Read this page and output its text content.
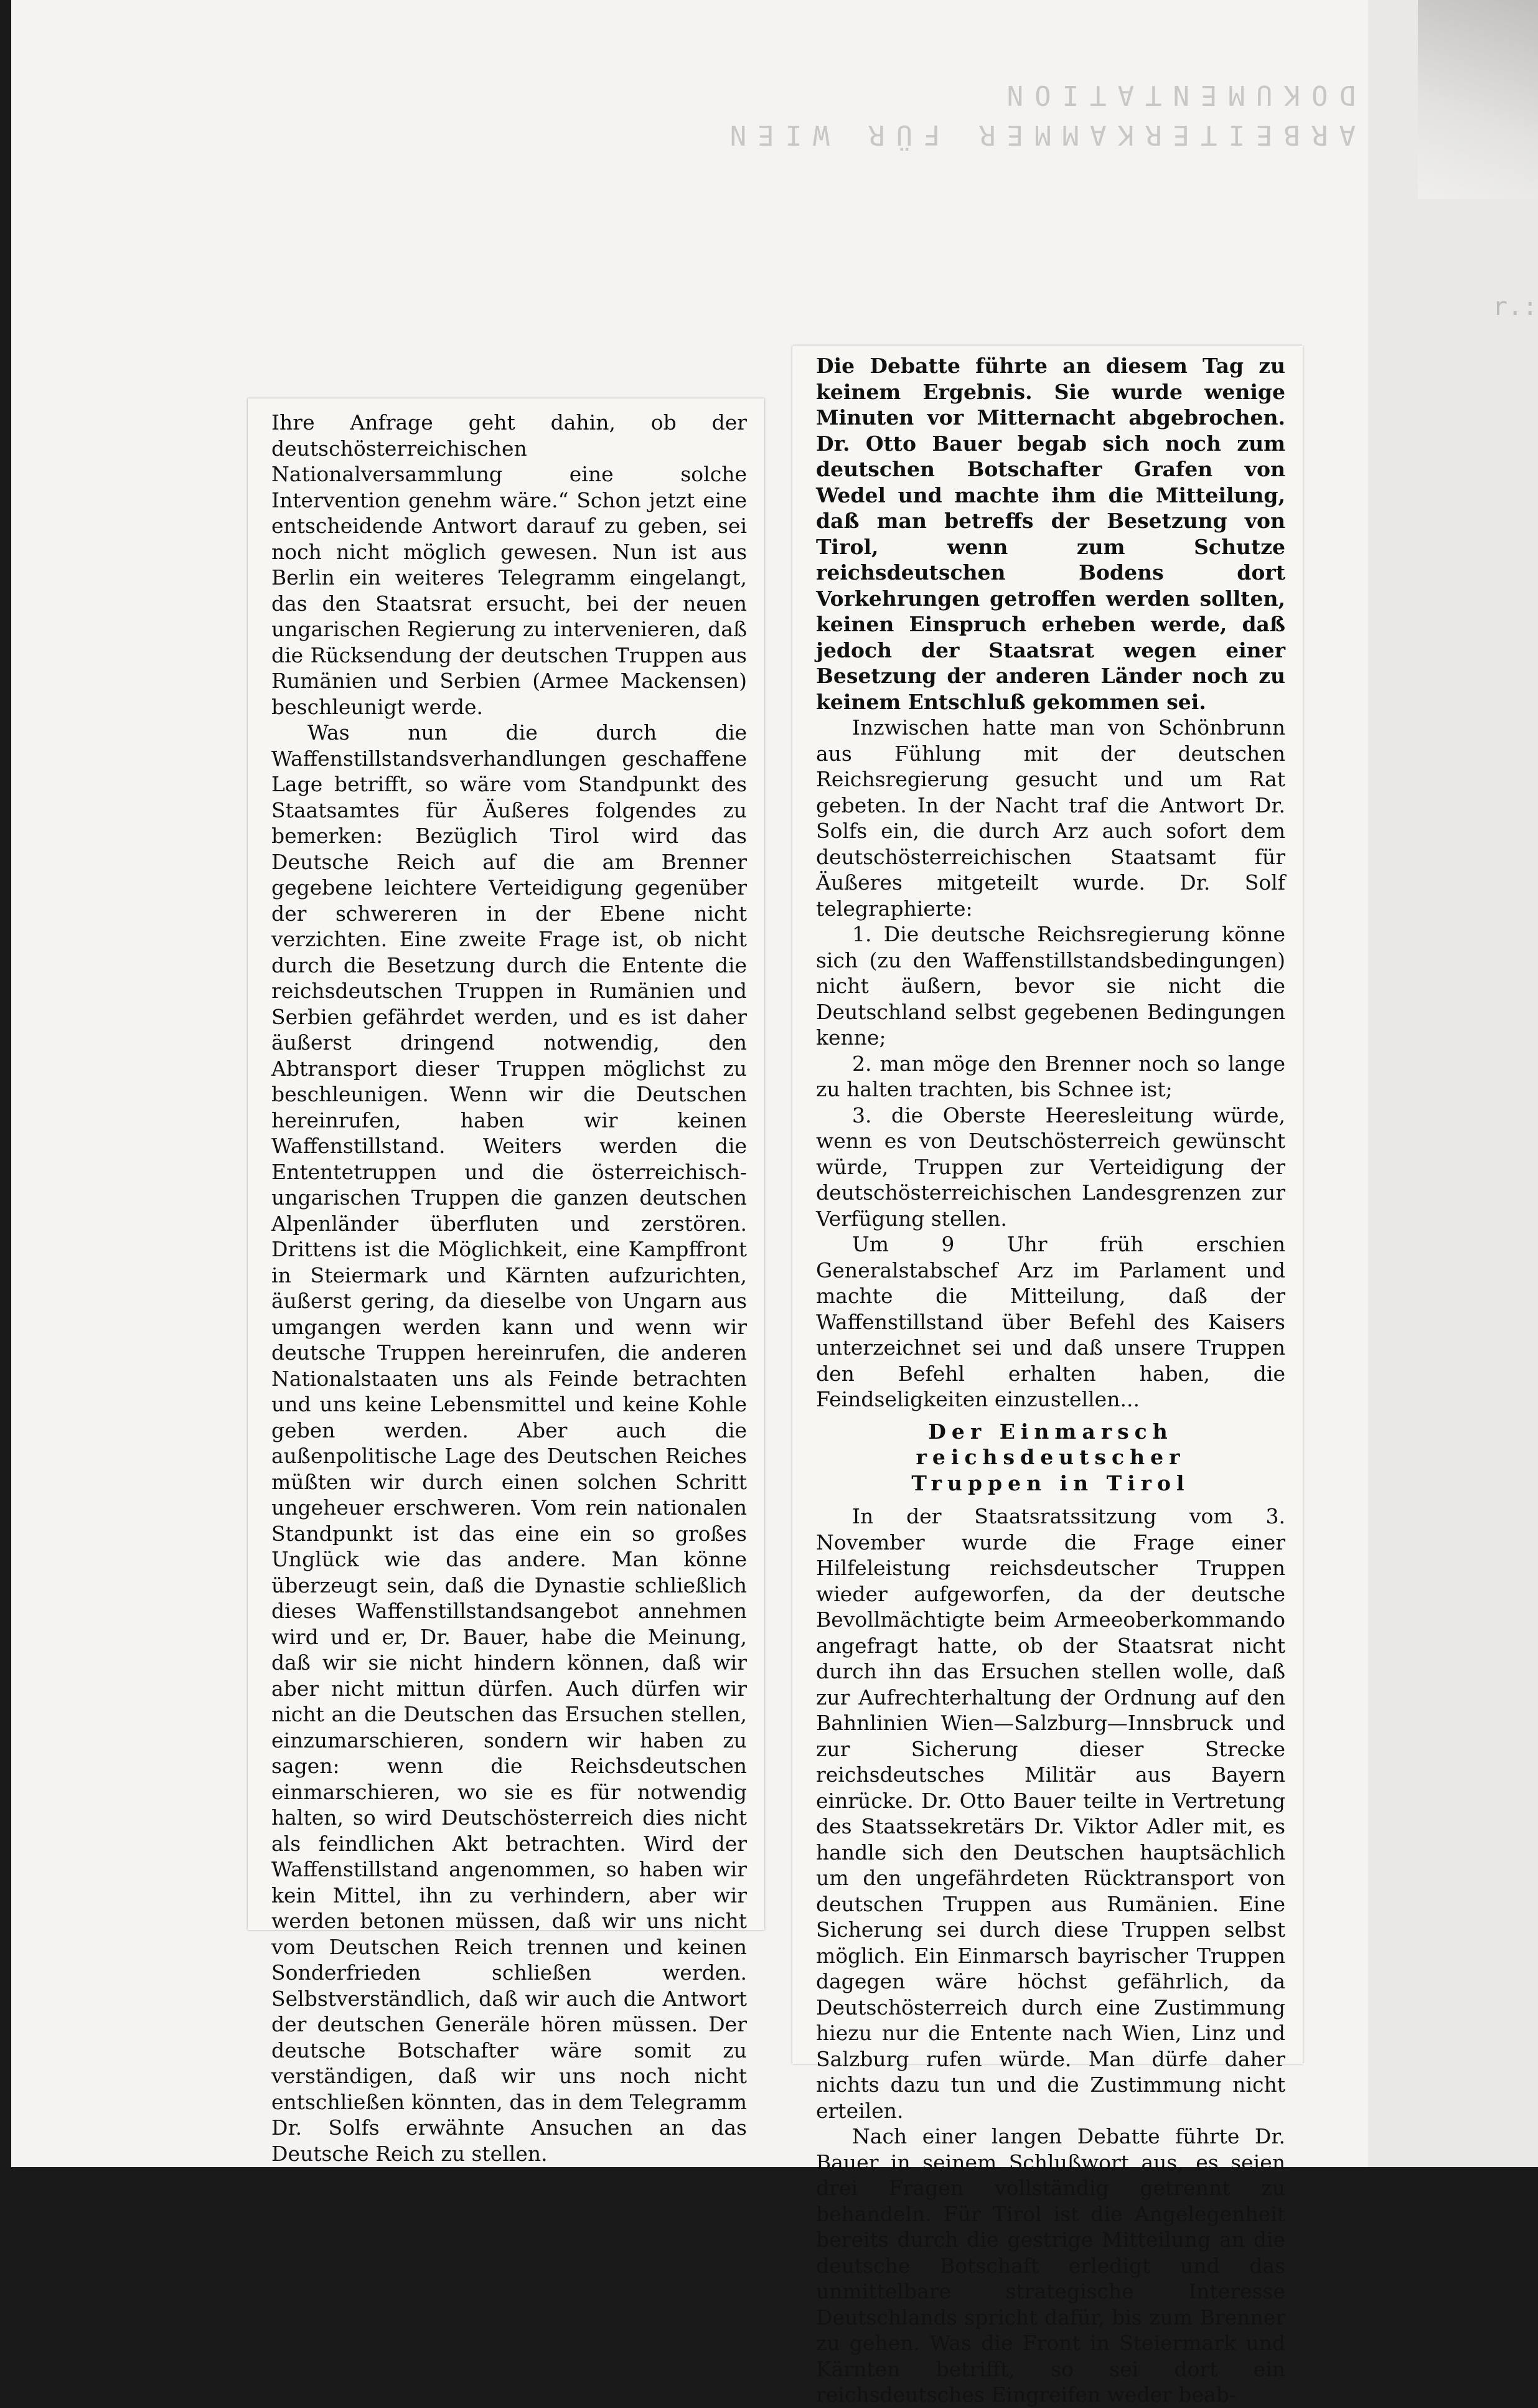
ARBEITERKAMMER FÜR WIEN
DOKUMENTATION
r.:

Ihre Anfrage geht dahin, ob der deutschösterreichischen Nationalversammlung eine solche Intervention genehm wäre.“ Schon jetzt eine entscheidende Antwort darauf zu geben, sei noch nicht möglich gewesen. Nun ist aus Berlin ein weiteres Telegramm eingelangt, das den Staatsrat ersucht, bei der neuen ungarischen Regierung zu intervenieren, daß die Rücksendung der deutschen Truppen aus Rumänien und Serbien (Armee Mackensen) beschleunigt werde.

Was nun die durch die Waffenstillstandsverhandlungen geschaffene Lage betrifft, so wäre vom Standpunkt des Staatsamtes für Äußeres folgendes zu bemerken: Bezüglich Tirol wird das Deutsche Reich auf die am Brenner gegebene leichtere Verteidigung gegenüber der schwereren in der Ebene nicht verzichten. Eine zweite Frage ist, ob nicht durch die Besetzung durch die Entente die reichsdeutschen Truppen in Rumänien und Serbien gefährdet werden, und es ist daher äußerst dringend notwendig, den Abtransport dieser Truppen möglichst zu beschleunigen. Wenn wir die Deutschen hereinrufen, haben wir keinen Waffenstillstand. Weiters werden die Ententetruppen und die österreichisch-ungarischen Truppen die ganzen deutschen Alpenländer überfluten und zerstören. Drittens ist die Möglichkeit, eine Kampffront in Steiermark und Kärnten aufzurichten, äußerst gering, da dieselbe von Ungarn aus umgangen werden kann und wenn wir deutsche Truppen hereinrufen, die anderen Nationalstaaten uns als Feinde betrachten und uns keine Lebensmittel und keine Kohle geben werden. Aber auch die außenpolitische Lage des Deutschen Reiches müßten wir durch einen solchen Schritt ungeheuer erschweren. Vom rein nationalen Standpunkt ist das eine ein so großes Unglück wie das andere. Man könne überzeugt sein, daß die Dynastie schließlich dieses Waffenstillstandsangebot annehmen wird und er, Dr. Bauer, habe die Meinung, daß wir sie nicht hindern können, daß wir aber nicht mittun dürfen. Auch dürfen wir nicht an die Deutschen das Ersuchen stellen, einzumarschieren, sondern wir haben zu sagen: wenn die Reichsdeutschen einmarschieren, wo sie es für notwendig halten, so wird Deutschösterreich dies nicht als feindlichen Akt betrachten. Wird der Waffenstillstand angenommen, so haben wir kein Mittel, ihn zu verhindern, aber wir werden betonen müssen, daß wir uns nicht vom Deutschen Reich trennen und keinen Sonderfrieden schließen werden. Selbstverständlich, daß wir auch die Antwort der deutschen Generäle hören müssen. Der deutsche Botschafter wäre somit zu verständigen, daß wir uns noch nicht entschließen könnten, das in dem Telegramm Dr. Solfs erwähnte Ansuchen an das Deutsche Reich zu stellen.

Die Debatte führte an diesem Tag zu keinem Ergebnis. Sie wurde wenige Minuten vor Mitternacht abgebrochen. Dr. Otto Bauer begab sich noch zum deutschen Botschafter Grafen von Wedel und machte ihm die Mitteilung, daß man betreffs der Besetzung von Tirol, wenn zum Schutze reichsdeutschen Bodens dort Vorkehrungen getroffen werden sollten, keinen Einspruch erheben werde, daß jedoch der Staatsrat wegen einer Besetzung der anderen Länder noch zu keinem Entschluß gekommen sei.

Inzwischen hatte man von Schönbrunn aus Fühlung mit der deutschen Reichsregierung gesucht und um Rat gebeten. In der Nacht traf die Antwort Dr. Solfs ein, die durch Arz auch sofort dem deutschösterreichischen Staatsamt für Äußeres mitgeteilt wurde. Dr. Solf telegraphierte:

1. Die deutsche Reichsregierung könne sich (zu den Waffenstillstandsbedingungen) nicht äußern, bevor sie nicht die Deutschland selbst gegebenen Bedingungen kenne;

2. man möge den Brenner noch so lange zu halten trachten, bis Schnee ist;

3. die Oberste Heeresleitung würde, wenn es von Deutschösterreich gewünscht würde, Truppen zur Verteidigung der deutschösterreichischen Landesgrenzen zur Verfügung stellen.

Um 9 Uhr früh erschien Generalstabschef Arz im Parlament und machte die Mitteilung, daß der Waffenstillstand über Befehl des Kaisers unterzeichnet sei und daß unsere Truppen den Befehl erhalten haben, die Feindseligkeiten einzustellen...

Der Einmarsch reichsdeutscher
Truppen in Tirol

In der Staatsratssitzung vom 3. November wurde die Frage einer Hilfeleistung reichsdeutscher Truppen wieder aufgeworfen, da der deutsche Bevollmächtigte beim Armeeoberkommando angefragt hatte, ob der Staatsrat nicht durch ihn das Ersuchen stellen wolle, daß zur Aufrechterhaltung der Ordnung auf den Bahnlinien Wien—Salzburg—Innsbruck und zur Sicherung dieser Strecke reichsdeutsches Militär aus Bayern einrücke. Dr. Otto Bauer teilte in Vertretung des Staatssekretärs Dr. Viktor Adler mit, es handle sich den Deutschen hauptsächlich um den ungefährdeten Rücktransport von deutschen Truppen aus Rumänien. Eine Sicherung sei durch diese Truppen selbst möglich. Ein Einmarsch bayrischer Truppen dagegen wäre höchst gefährlich, da Deutschösterreich durch eine Zustimmung hiezu nur die Entente nach Wien, Linz und Salzburg rufen würde. Man dürfe daher nichts dazu tun und die Zustimmung nicht erteilen.

Nach einer langen Debatte führte Dr. Bauer in seinem Schlußwort aus, es seien drei Fragen vollständig getrennt zu behandeln. Für Tirol ist die Angelegenheit bereits durch die gestrige Mitteilung an die deutsche Botschaft erledigt und das unmittelbare strategische Interesse Deutschlands spricht dafür, bis zum Brenner zu gehen. Was die Front in Steiermark und Kärnten betrifft, so sei dort ein reichsdeutsches Eingreifen weder beab-
